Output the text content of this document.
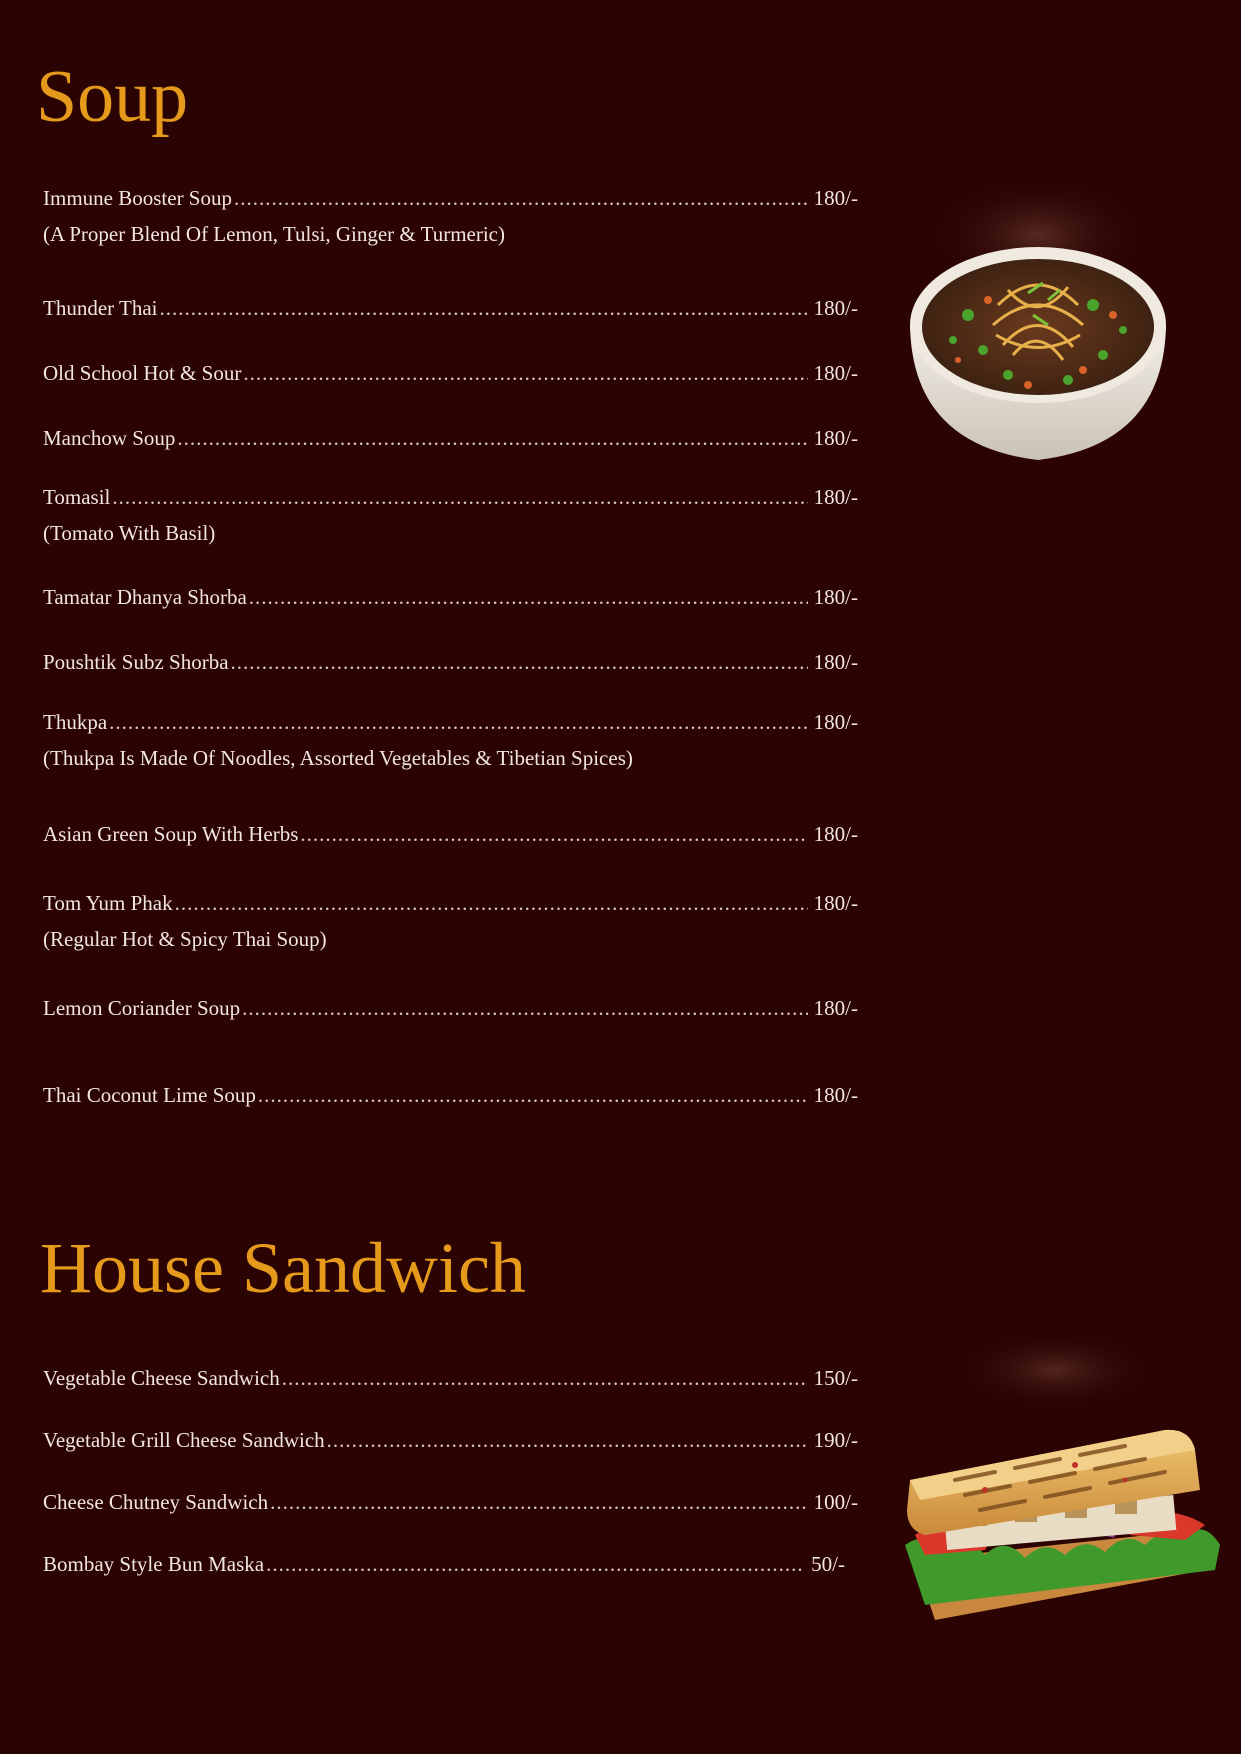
Soup
Immune Booster Soup .....	180/-
(A Proper Blend Of Lemon, Tulsi, Ginger & Turmeric)
Thunder Thai .....	180/-
Old School Hot & Sour .....	180/-
Manchow Soup .....	180/-
Tomasil .....	180/-
(Tomato With Basil)
Tamatar Dhanya Shorba .....	180/-
Poushtik Subz Shorba .....	180/-
Thukpa .....	180/-
(Thukpa Is Made Of Noodles, Assorted Vegetables & Tibetian Spices)
Asian Green Soup With Herbs .....	180/-
Tom Yum Phak .....	180/-
(Regular Hot & Spicy Thai Soup)
Lemon Coriander Soup .....	180/-
Thai Coconut Lime Soup .....	180/-
House Sandwich
Vegetable Cheese Sandwich .....	150/-
Vegetable Grill Cheese Sandwich .....	190/-
Cheese Chutney Sandwich .....	100/-
Bombay Style Bun Maska .....	50/-
